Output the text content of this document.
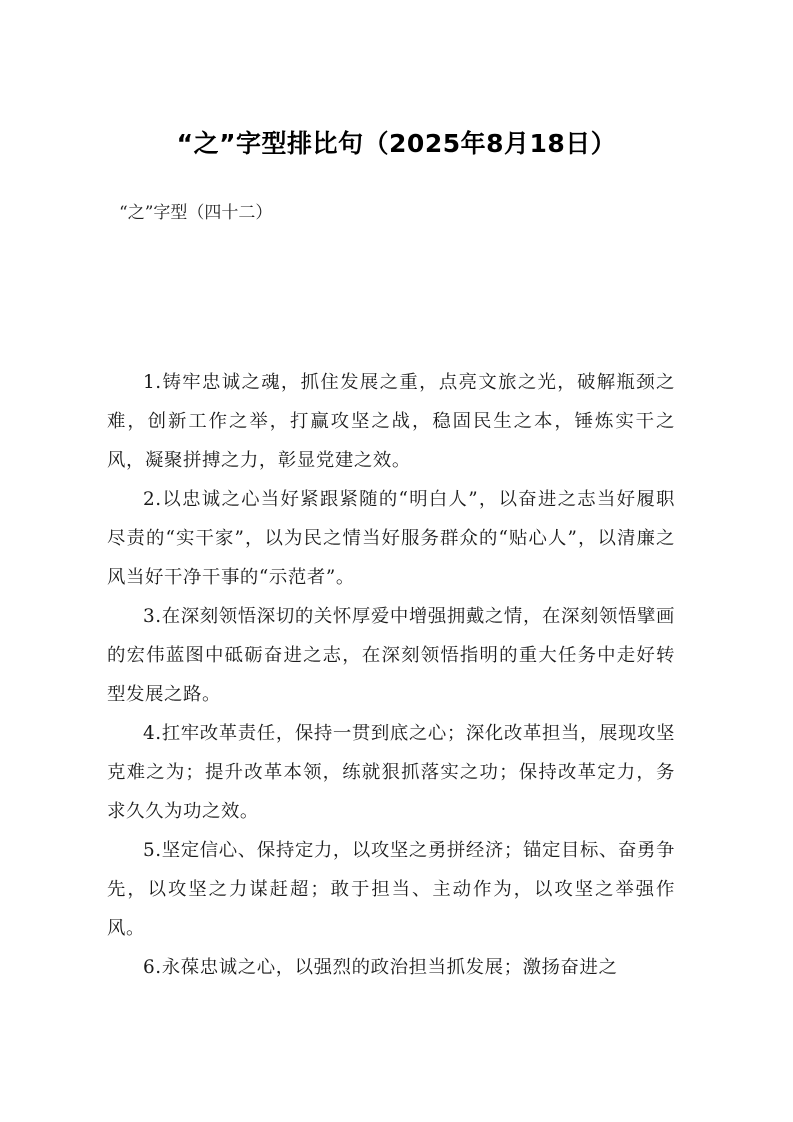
“之”字型排比句（2025年8月18日）

“之”字型（四十二）

1.铸牢忠诚之魂，抓住发展之重，点亮文旅之光，破解瓶颈之难，创新工作之举，打赢攻坚之战，稳固民生之本，锤炼实干之风，凝聚拼搏之力，彰显党建之效。

2.以忠诚之心当好紧跟紧随的“明白人”，以奋进之志当好履职尽责的“实干家”，以为民之情当好服务群众的“贴心人”，以清廉之风当好干净干事的“示范者”。

3.在深刻领悟深切的关怀厚爱中增强拥戴之情，在深刻领悟擘画的宏伟蓝图中砥砺奋进之志，在深刻领悟指明的重大任务中走好转型发展之路。

4.扛牢改革责任，保持一贯到底之心；深化改革担当，展现攻坚克难之为；提升改革本领，练就狠抓落实之功；保持改革定力，务求久久为功之效。

5.坚定信心、保持定力，以攻坚之勇拼经济；锚定目标、奋勇争先，以攻坚之力谋赶超；敢于担当、主动作为，以攻坚之举强作风。

6.永葆忠诚之心，以强烈的政治担当抓发展；激扬奋进之
